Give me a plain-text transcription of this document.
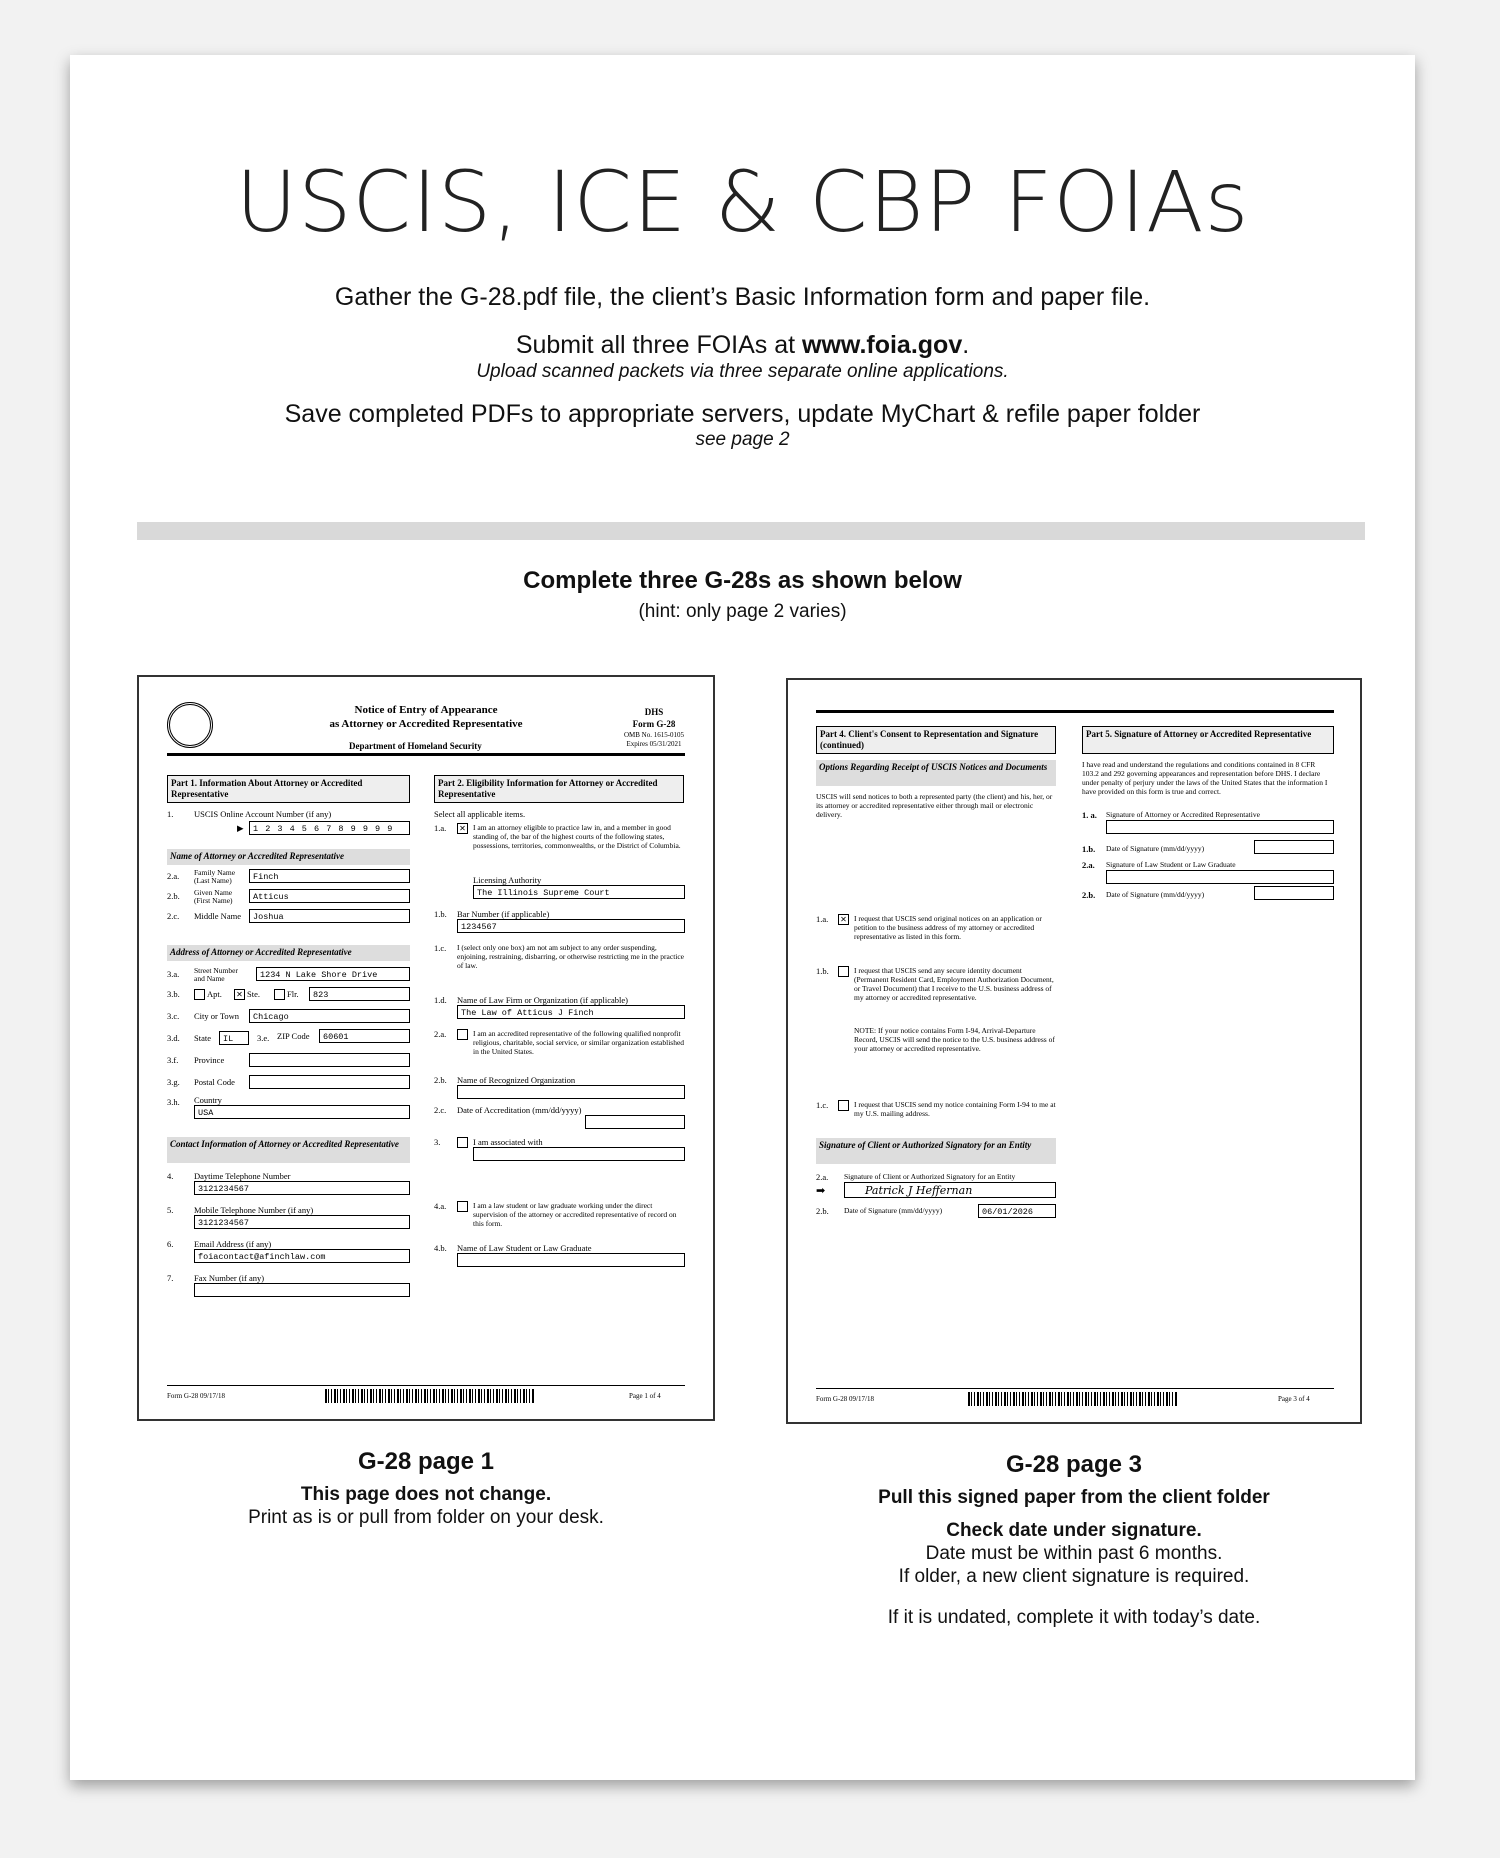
USCIS, ICE & CBP FOIAs
Gather the G-28.pdf file, the client’s Basic Information form and paper file.
Submit all three FOIAs at www.foia.gov.
Upload scanned packets via three separate online applications.
Save completed PDFs to appropriate servers, update MyChart & refile paper folder
see page 2
Complete three G-28s as shown below
(hint: only page 2 varies)
Notice of Entry of Appearance
as Attorney or Accredited Representative
Department of Homeland Security
DHS
Form G-28
OMB No. 1615-0105
Expires 05/31/2021
Part 1. Information About Attorney or Accredited Representative
1. USCIS Online Account Number (if any)
▶	1 2 3 4 5 6 7 8 9 9 9 9
Name of Attorney or Accredited Representative
2.a. Family Name (Last Name)	Finch
2.b. Given Name (First Name)	Atticus
2.c. Middle Name	Joshua
Address of Attorney or Accredited Representative
3.a. Street Number and Name	1234 N Lake Shore Drive
3.b.	Apt. ✕ Ste.	Flr.	823
3.c. City or Town	Chicago
3.d. State	IL	3.e. ZIP Code	60601
3.f. Province
3.g. Postal Code
3.h. Country
USA
Contact Information of Attorney or Accredited Representative
4. Daytime Telephone Number
3121234567
5. Mobile Telephone Number (if any)
3121234567
6. Email Address (if any)
foiacontact@afinchlaw.com
7. Fax Number (if any)
Part 2. Eligibility Information for Attorney or Accredited Representative
Select all applicable items.
1.a. ✕ I am an attorney eligible to practice law in, and a member in good standing of, the bar of the highest courts of the following states, possessions, territories, commonwealths, or the District of Columbia.
Licensing Authority
The Illinois Supreme Court
1.b. Bar Number (if applicable)
1234567
1.c. I (select only one box) am not am subject to any order suspending, enjoining, restraining, disbarring, or otherwise restricting me in the practice of law.
1.d. Name of Law Firm or Organization (if applicable)
The Law of Atticus J Finch
2.a.	I am an accredited representative of the following qualified nonprofit religious, charitable, social service, or similar organization established in the United States.
2.b. Name of Recognized Organization
2.c. Date of Accreditation (mm/dd/yyyy)
3.	I am associated with
4.a.	I am a law student or law graduate working under the direct supervision of the attorney or accredited representative of record on this form.
4.b. Name of Law Student or Law Graduate
Form G-28 09/17/18	Page 1 of 4
Part 4. Client's Consent to Representation and Signature (continued)
Options Regarding Receipt of USCIS Notices and Documents
USCIS will send notices to both a represented party (the client) and his, her, or its attorney or accredited representative either through mail or electronic delivery.
1.a. ✕ I request that USCIS send original notices on an application or petition to the business address of my attorney or accredited representative as listed in this form.
1.b.	I request that USCIS send any secure identity document (Permanent Resident Card, Employment Authorization Document, or Travel Document) that I receive to the U.S. business address of my attorney or accredited representative.
NOTE: If your notice contains Form I-94, Arrival-Departure Record, USCIS will send the notice to the U.S. business address of your attorney or accredited representative.
1.c.	I request that USCIS send my notice containing Form I-94 to me at my U.S. mailing address.
Signature of Client or Authorized Signatory for an Entity
2.a. Signature of Client or Authorized Signatory for an Entity
➡	Patrick J Heffernan
2.b. Date of Signature (mm/dd/yyyy)	06/01/2026
Part 5. Signature of Attorney or Accredited Representative
I have read and understand the regulations and conditions contained in 8 CFR 103.2 and 292 governing appearances and representation before DHS. I declare under penalty of perjury under the laws of the United States that the information I have provided on this form is true and correct.
1. a. Signature of Attorney or Accredited Representative
1.b. Date of Signature (mm/dd/yyyy)
2.a. Signature of Law Student or Law Graduate
2.b. Date of Signature (mm/dd/yyyy)
Form G-28 09/17/18	Page 3 of 4
G-28 page 1
This page does not change.
Print as is or pull from folder on your desk.
G-28 page 3
Pull this signed paper from the client folder
Check date under signature.
Date must be within past 6 months.
If older, a new client signature is required.
If it is undated, complete it with today’s date.
